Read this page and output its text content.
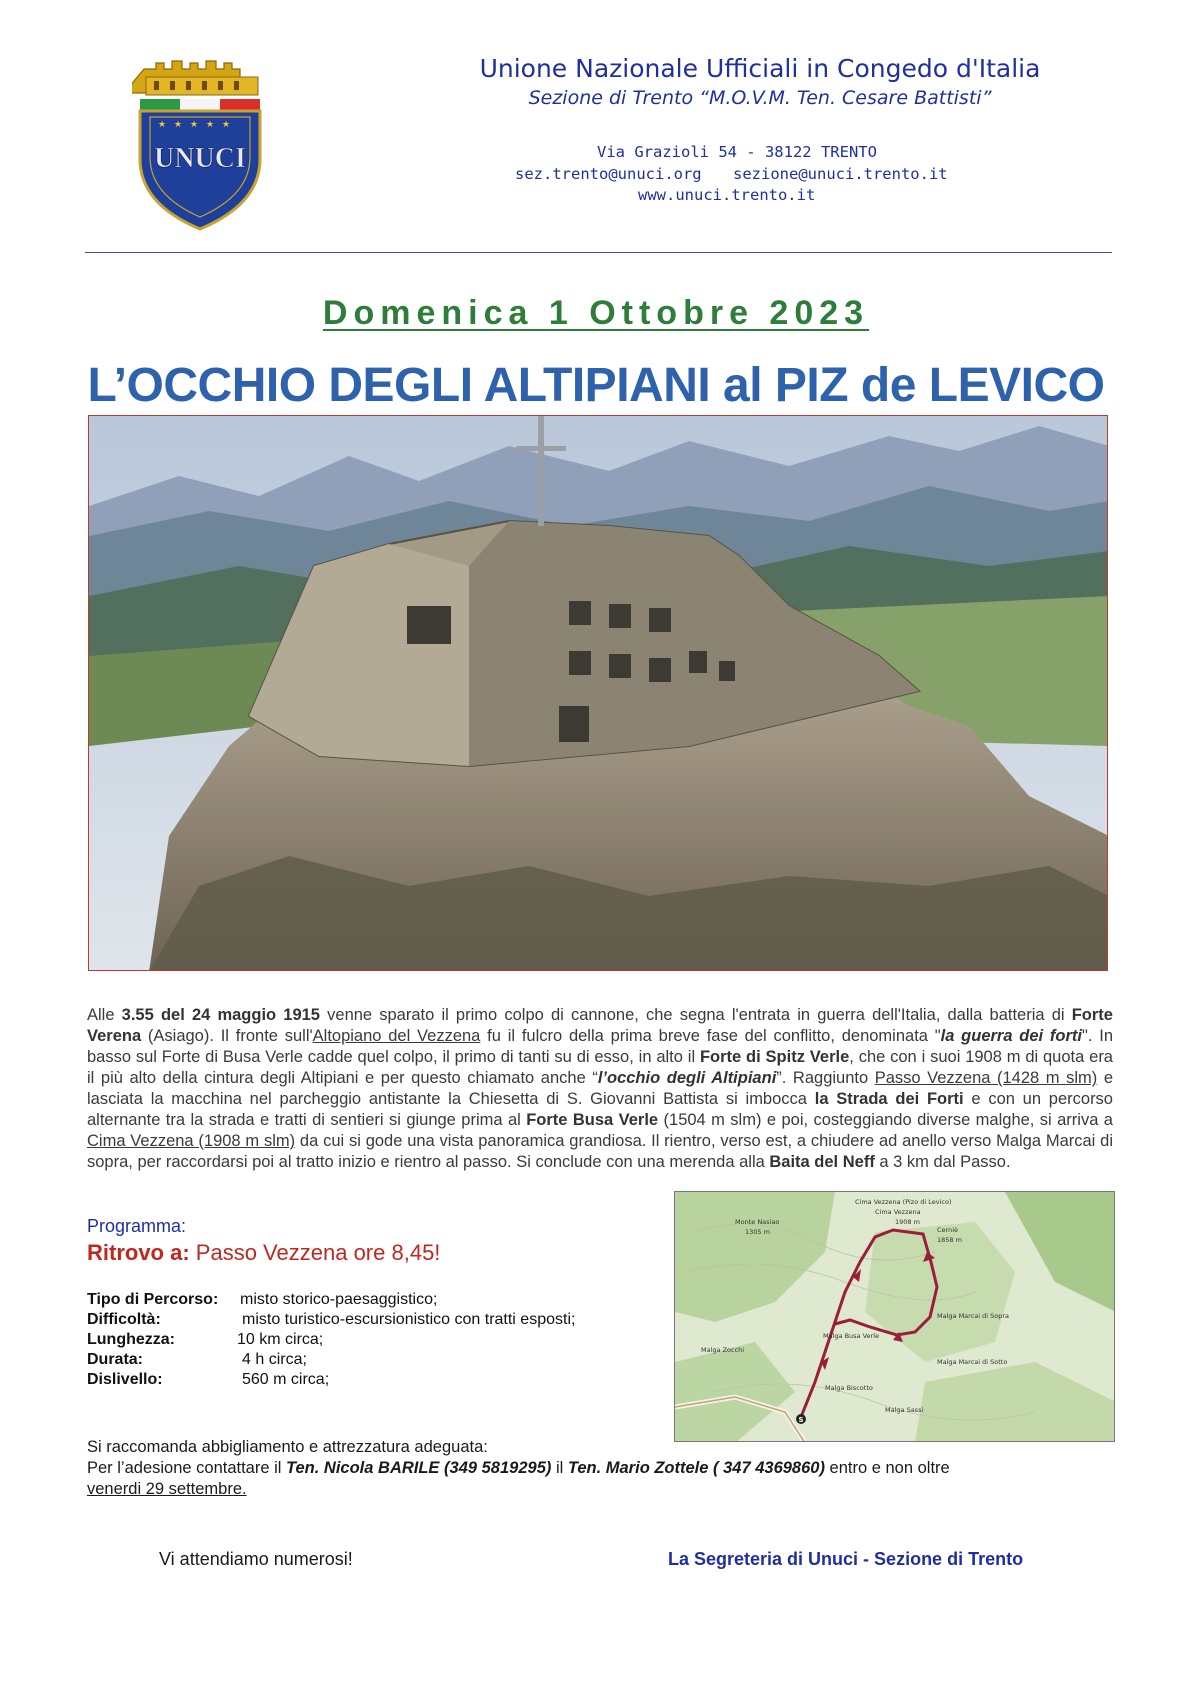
★ ★ ★ ★ ★
UNUCI
Unione Nazionale Ufficiali in Congedo d'Italia
Sezione di Trento “M.O.V.M. Ten. Cesare Battisti”
Via Grazioli 54 - 38122 TRENTO
sez.trento@unuci.org sezione@unuci.trento.it
www.unuci.trento.it
Domenica 1 Ottobre 2023
L’OCCHIO DEGLI ALTIPIANI al PIZ de LEVICO
Alle 3.55 del 24 maggio 1915 venne sparato il primo colpo di cannone, che segna l'entrata in guerra dell'Italia, dalla batteria di Forte Verena (Asiago). Il fronte sull'Altopiano del Vezzena fu il fulcro della prima breve fase del conflitto, denominata "la guerra dei forti". In basso sul Forte di Busa Verle cadde quel colpo, il primo di tanti su di esso, in alto il Forte di Spitz Verle, che con i suoi 1908 m di quota era il più alto della cintura degli Altipiani e per questo chiamato anche “l’occhio degli Altipiani”. Raggiunto Passo Vezzena (1428 m slm) e lasciata la macchina nel parcheggio antistante la Chiesetta di S. Giovanni Battista si imbocca la Strada dei Forti e con un percorso alternante tra la strada e tratti di sentieri si giunge prima al Forte Busa Verle (1504 m slm) e poi, costeggiando diverse malghe, si arriva a Cima Vezzena (1908 m slm) da cui si gode una vista panoramica grandiosa. Il rientro, verso est, a chiudere ad anello verso Malga Marcai di sopra, per raccordarsi poi al tratto inizio e rientro al passo. Si conclude con una merenda alla Baita del Neff a 3 km dal Passo.
Programma:
Ritrovo a: Passo Vezzena ore 8,45!
Tipo di Percorso: misto storico-paesaggistico;
Difficoltà:	misto turistico-escursionistico con tratti esposti;
Lunghezza:	10 km circa;
Durata:	4 h circa;
Dislivello:	560 m circa;
Cima Vezzena (Pizo di Levico)
Cima Vezzena
1908 m
Monte Nasiao
1305 m	Cerniè
1858 m
Malga Marcai di Sopra
Malga Busa Verle
Malga Zocchi
Malga Marcai di Sotto
Malga Biscotto
Malga Sassi
S
Si raccomanda abbigliamento e attrezzatura adeguata:
Per l’adesione contattare il Ten. Nicola BARILE (349 5819295) il Ten. Mario Zottele ( 347 4369860) entro e non oltre
venerdi 29 settembre.
Vi attendiamo numerosi!	La Segreteria di Unuci - Sezione di Trento
